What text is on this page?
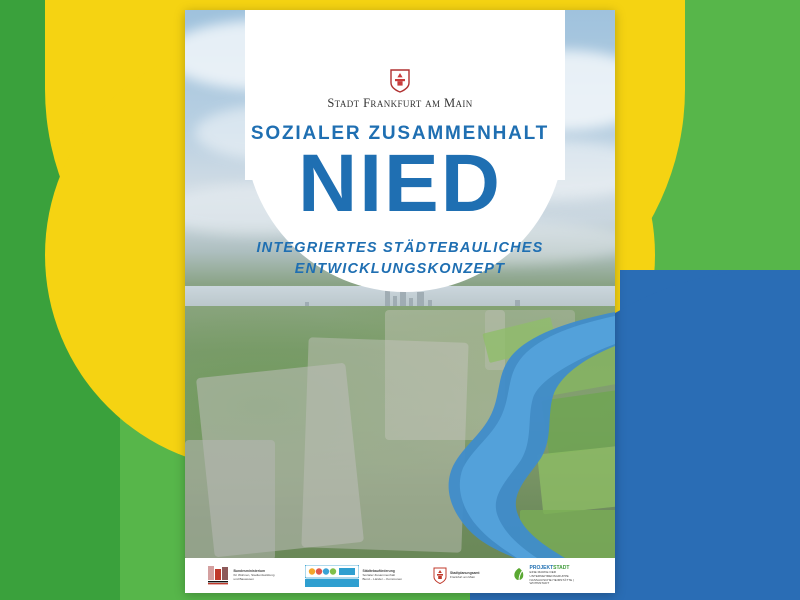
Stadt Frankfurt am Main
SOZIALER ZUSAMMENHALT
NIED
INTEGRIERTES STÄDTEBAULICHES
ENTWICKLUNGSKONZEPT
Bundesministerium
für Wohnen, Stadtentwicklung
und Bauwesen
Städtebauförderung
Sozialer Zusammenhalt
Bund – Länder – Kommunen
Stadtplanungsamt
Frankfurt am Main
PROJEKTSTADT
EINE MARKE DER UNTERNEHMENSGRUPPE
NASSAUISCHE HEIMSTÄTTE | WOHNSTADT
